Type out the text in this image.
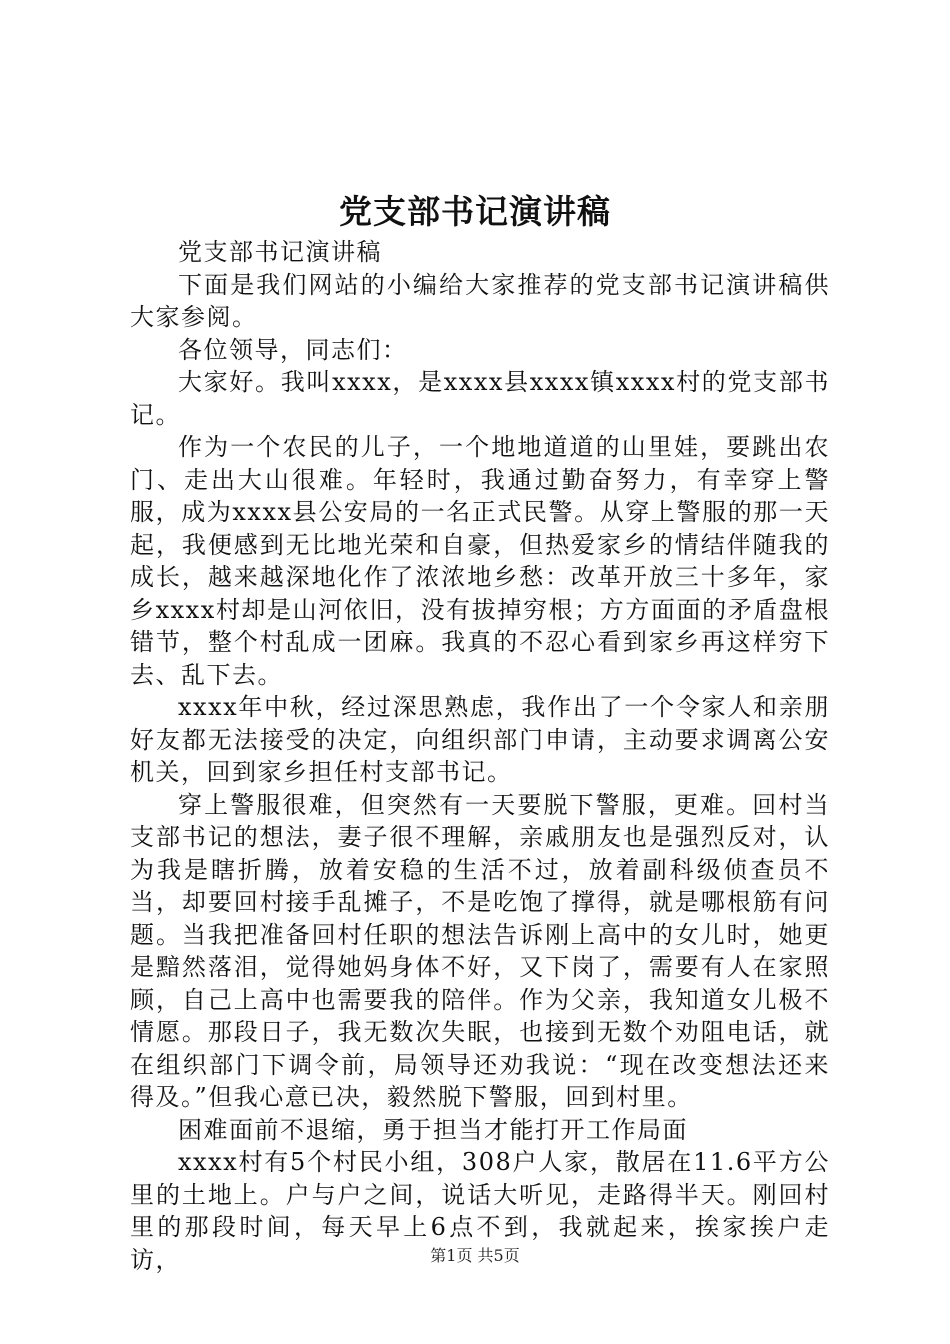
党支部书记演讲稿

党支部书记演讲稿

下面是我们网站的小编给大家推荐的党支部书记演讲稿供大家参阅。

各位领导，同志们：

大家好。我叫xxxx，是xxxx县xxxx镇xxxx村的党支部书记。

作为一个农民的儿子，一个地地道道的山里娃，要跳出农门、走出大山很难。年轻时，我通过勤奋努力，有幸穿上警服，成为xxxx县公安局的一名正式民警。从穿上警服的那一天起，我便感到无比地光荣和自豪，但热爱家乡的情结伴随我的成长，越来越深地化作了浓浓地乡愁：改革开放三十多年，家乡xxxx村却是山河依旧，没有拔掉穷根；方方面面的矛盾盘根错节，整个村乱成一团麻。我真的不忍心看到家乡再这样穷下去、乱下去。

xxxx年中秋，经过深思熟虑，我作出了一个令家人和亲朋好友都无法接受的决定，向组织部门申请，主动要求调离公安机关，回到家乡担任村支部书记。

穿上警服很难，但突然有一天要脱下警服，更难。回村当支部书记的想法，妻子很不理解，亲戚朋友也是强烈反对，认为我是瞎折腾，放着安稳的生活不过，放着副科级侦查员不当，却要回村接手乱摊子，不是吃饱了撑得，就是哪根筋有问题。当我把准备回村任职的想法告诉刚上高中的女儿时，她更是黯然落泪，觉得她妈身体不好，又下岗了，需要有人在家照顾，自己上高中也需要我的陪伴。作为父亲，我知道女儿极不情愿。那段日子，我无数次失眠，也接到无数个劝阻电话，就在组织部门下调令前，局领导还劝我说：“现在改变想法还来得及。”但我心意已决，毅然脱下警服，回到村里。

困难面前不退缩，勇于担当才能打开工作局面

xxxx村有5个村民小组，308户人家，散居在11.6平方公里的土地上。户与户之间，说话大听见，走路得半天。刚回村里的那段时间，每天早上6点不到，我就起来，挨家挨户走访，	第1页 共5页
